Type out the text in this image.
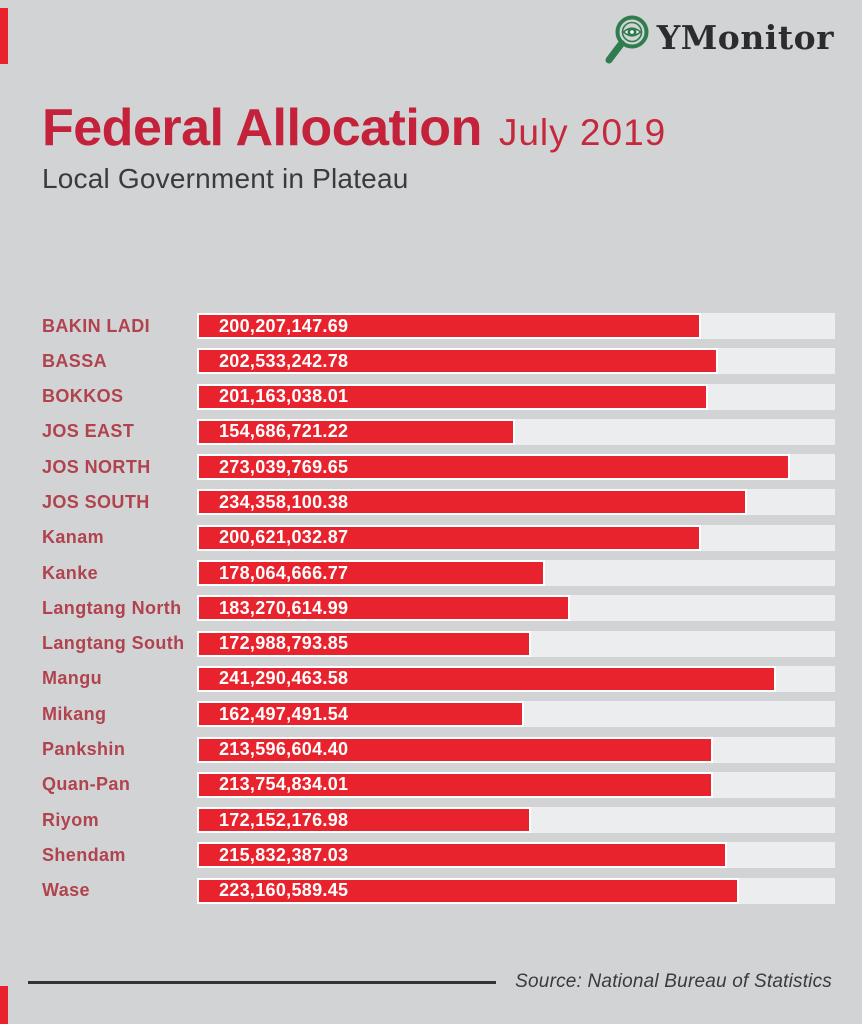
YMonitor
Federal Allocation July 2019
Local Government in Plateau
BAKIN LADI	200,207,147.69
BASSA	202,533,242.78
BOKKOS	201,163,038.01
JOS EAST	154,686,721.22
JOS NORTH	273,039,769.65
JOS SOUTH	234,358,100.38
Kanam	200,621,032.87
Kanke	178,064,666.77
Langtang North	183,270,614.99
Langtang South	172,988,793.85
Mangu	241,290,463.58
Mikang	162,497,491.54
Pankshin	213,596,604.40
Quan-Pan	213,754,834.01
Riyom	172,152,176.98
Shendam	215,832,387.03
Wase	223,160,589.45
Source: National Bureau of Statistics
